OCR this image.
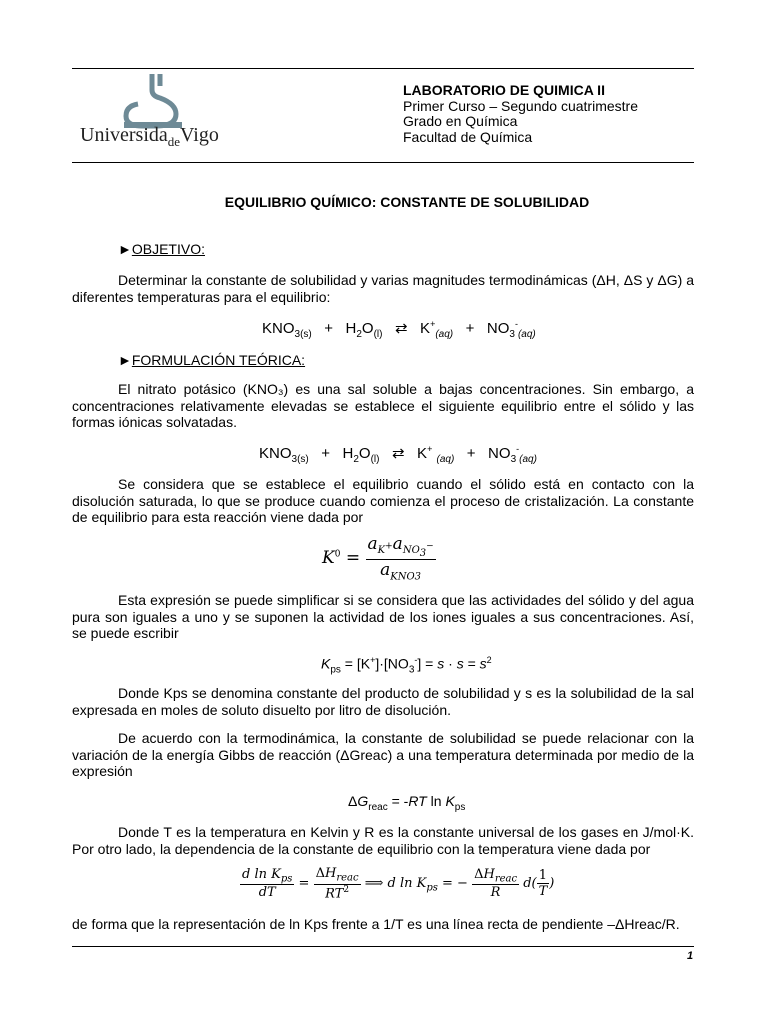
Universida$_{de}$Vigo
LABORATORIO DE QUIMICA II
Primer Curso – Segundo cuatrimestre
Grado en Química
Facultad de Química
EQUILIBRIO QUÍMICO: CONSTANTE DE SOLUBILIDAD
►OBJETIVO:
Determinar la constante de solubilidad y varias magnitudes termodinámicas (ΔH, ΔS y ΔG) a diferentes temperaturas para el equilibrio:
$KNO_{3(s)} + H_2O_{(l)}$   ⇄   $K^+_{(aq)} + NO_3^-_{(aq)}$
►FORMULACIÓN TEÓRICA:
El nitrato potásico (KNO₃) es una sal soluble a bajas concentraciones. Sin embargo, a concentraciones relativamente elevadas se establece el siguiente equilibrio entre el sólido y las formas iónicas solvatadas.
$KNO_{3(s)} + H_2O_{(l)}$   ⇄   K+ $_{(aq)} + NO_3^-_{(aq)}$
Se considera que se establece el equilibrio cuando el sólido está en contacto con la disolución saturada, lo que se produce cuando comienza el proceso de cristalización. La constante de equilibrio para esta reacción viene dada por
$K^0 = \frac{a_{K^+}a_{NO_3^-}}{a_{KNO3}}$
Esta expresión se puede simplificar si se considera que las actividades del sólido y del agua pura son iguales a uno y se suponen la actividad de los iones iguales a sus concentraciones. Así, se puede escribir
$K_{ps} = [K^+]\cdot[NO_3^-] = s \cdot s = s^2$
Donde Kps se denomina constante del producto de solubilidad y s es la solubilidad de la sal expresada en moles de soluto disuelto por litro de disolución.
De acuerdo con la termodinámica, la constante de solubilidad se puede relacionar con la variación de la energía Gibbs de reacción (ΔGreac) a una temperatura determinada por medio de la expresión
$\Delta G_{reac} = -RT$ $\ln K_{ps}$
Donde T es la temperatura en Kelvin y R es la constante universal de los gases en J/mol·K. Por otro lado, la dependencia de la constante de equilibrio con la temperatura viene dada por
$\frac{d \ln K_{ps}}{dT} = \frac{\Delta H_{reac}}{RT^2}$ ⟹ d $\ln K_{ps}$ = − $\frac{\Delta H_{reac}}{R} d( \frac{1}{T}$ )
de forma que la representación de ln Kps frente a 1/T es una línea recta de pendiente –ΔHreac/R.
1
